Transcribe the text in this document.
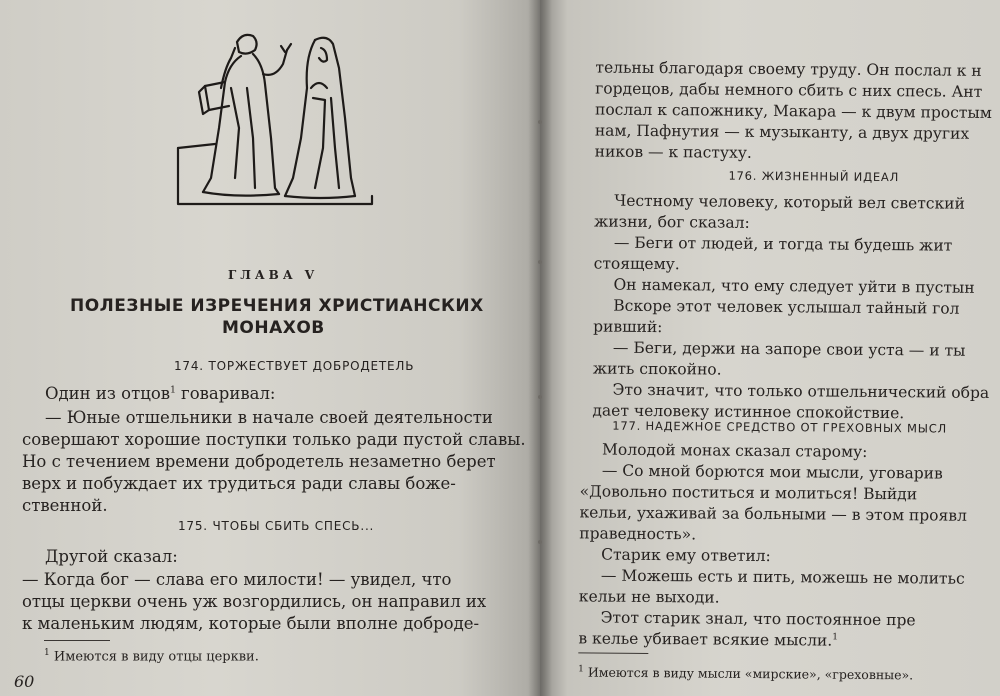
ГЛАВА V
ПОЛЕЗНЫЕ ИЗРЕЧЕНИЯ ХРИСТИАНСКИХ
МОНАХОВ
174. ТОРЖЕСТВУЕТ ДОБРОДЕТЕЛЬ
Один из отцов$^1$ говаривал:
— Юные отшельники в начале своей деятельности
совершают хорошие поступки только ради пустой славы.
Но с течением времени добродетель незаметно берет
верх и побуждает их трудиться ради славы боже-
ственной.
175. ЧТОБЫ СБИТЬ СПЕСЬ...
Другой сказал:
— Когда бог — слава его милости! — увидел, что
отцы церкви очень уж возгордились, он направил их
к маленьким людям, которые были вполне доброде-
$^1$ Имеются в виду отцы церкви.
60
тельны благодаря своему труду. Он послал к н
гордецов, дабы немного сбить с них спесь. Ант
послал к сапожнику, Макара — к двум простым
нам, Пафнутия — к музыканту, а двух других
ников — к пастуху.
176. ЖИЗНЕННЫЙ ИДЕАЛ
Честному человеку, который вел светский
жизни, бог сказал:
— Беги от людей, и тогда ты будешь жит
стоящему.
Он намекал, что ему следует уйти в пустын
Вскоре этот человек услышал тайный гол
ривший:
— Беги, держи на запоре свои уста — и ты
жить спокойно.
Это значит, что только отшельнический обра
дает человеку истинное спокойствие.
177. НАДЕЖНОЕ СРЕДСТВО ОТ ГРЕХОВНЫХ МЫСЛ
Молодой монах сказал старому:
— Со мной борются мои мысли, уговарив
«Довольно поститься и молиться! Выйди
кельи, ухаживай за больными — в этом проявл
праведность».
Старик ему ответил:
— Можешь есть и пить, можешь не молитьс
кельи не выходи.
Этот старик знал, что постоянное пре
в келье убивает всякие мысли.$^1$
$^1$ Имеются в виду мысли «мирские», «греховные».
